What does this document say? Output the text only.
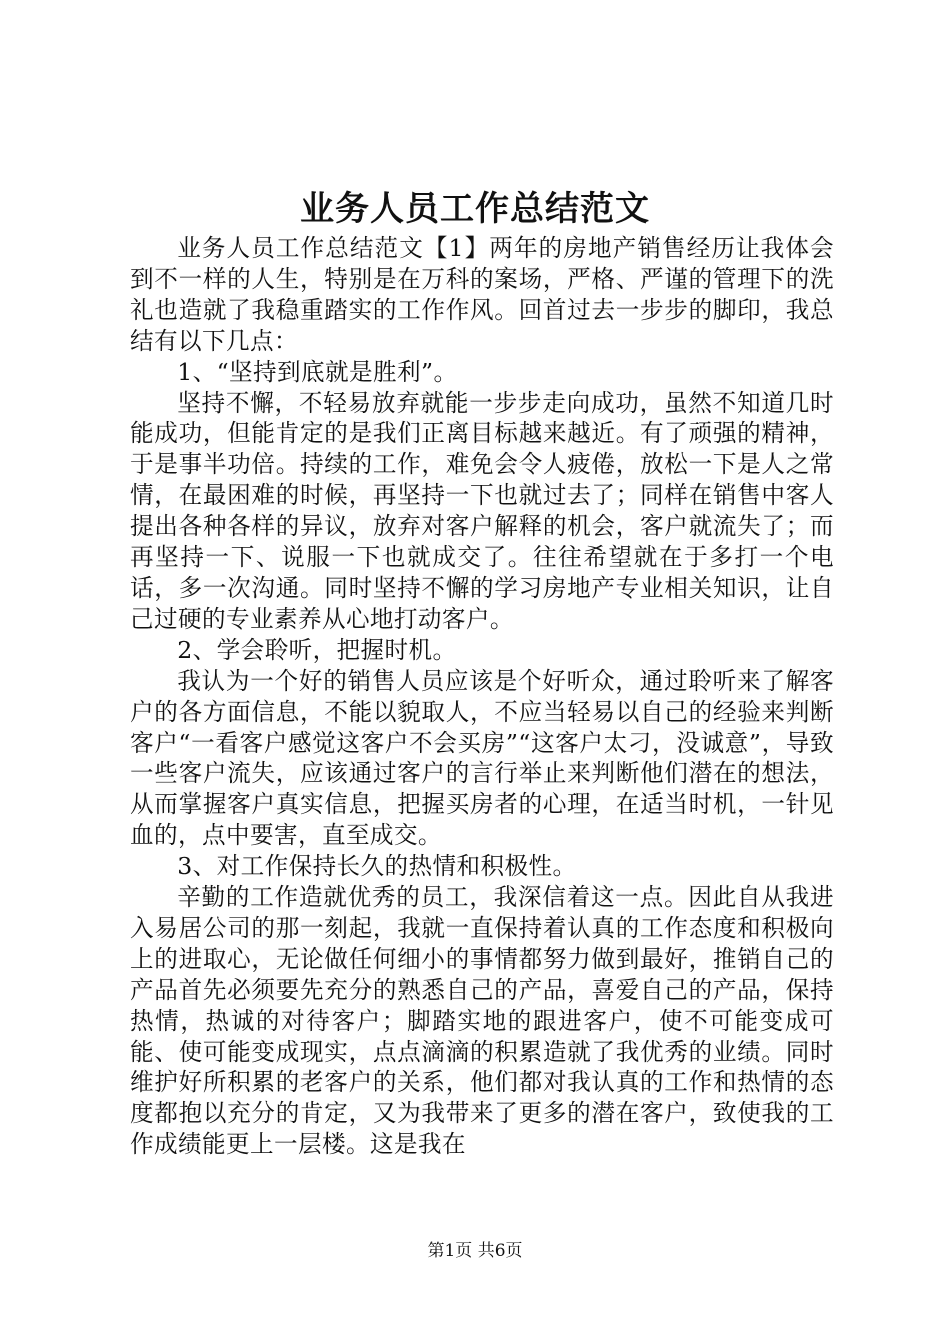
业务人员工作总结范文

业务人员工作总结范文【1】两年的房地产销售经历让我体会到不一样的人生，特别是在万科的案场，严格、严谨的管理下的洗礼也造就了我稳重踏实的工作作风。回首过去一步步的脚印，我总结有以下几点：

1、“坚持到底就是胜利”。

坚持不懈，不轻易放弃就能一步步走向成功，虽然不知道几时能成功，但能肯定的是我们正离目标越来越近。有了顽强的精神，于是事半功倍。持续的工作，难免会令人疲倦，放松一下是人之常情，在最困难的时候，再坚持一下也就过去了；同样在销售中客人提出各种各样的异议，放弃对客户解释的机会，客户就流失了；而再坚持一下、说服一下也就成交了。往往希望就在于多打一个电话，多一次沟通。同时坚持不懈的学习房地产专业相关知识，让自己过硬的专业素养从心地打动客户。

2、学会聆听，把握时机。

我认为一个好的销售人员应该是个好听众，通过聆听来了解客户的各方面信息，不能以貌取人，不应当轻易以自己的经验来判断客户“一看客户感觉这客户不会买房”“这客户太刁，没诚意”，导致一些客户流失，应该通过客户的言行举止来判断他们潜在的想法，从而掌握客户真实信息，把握买房者的心理，在适当时机，一针见血的，点中要害，直至成交。

3、对工作保持长久的热情和积极性。

辛勤的工作造就优秀的员工，我深信着这一点。因此自从我进入易居公司的那一刻起，我就一直保持着认真的工作态度和积极向上的进取心，无论做任何细小的事情都努力做到最好，推销自己的产品首先必须要先充分的熟悉自己的产品，喜爱自己的产品，保持热情，热诚的对待客户；脚踏实地的跟进客户，使不可能变成可能、使可能变成现实，点点滴滴的积累造就了我优秀的业绩。同时维护好所积累的老客户的关系，他们都对我认真的工作和热情的态度都抱以充分的肯定，又为我带来了更多的潜在客户，致使我的工作成绩能更上一层楼。这是我在

第1页 共6页
